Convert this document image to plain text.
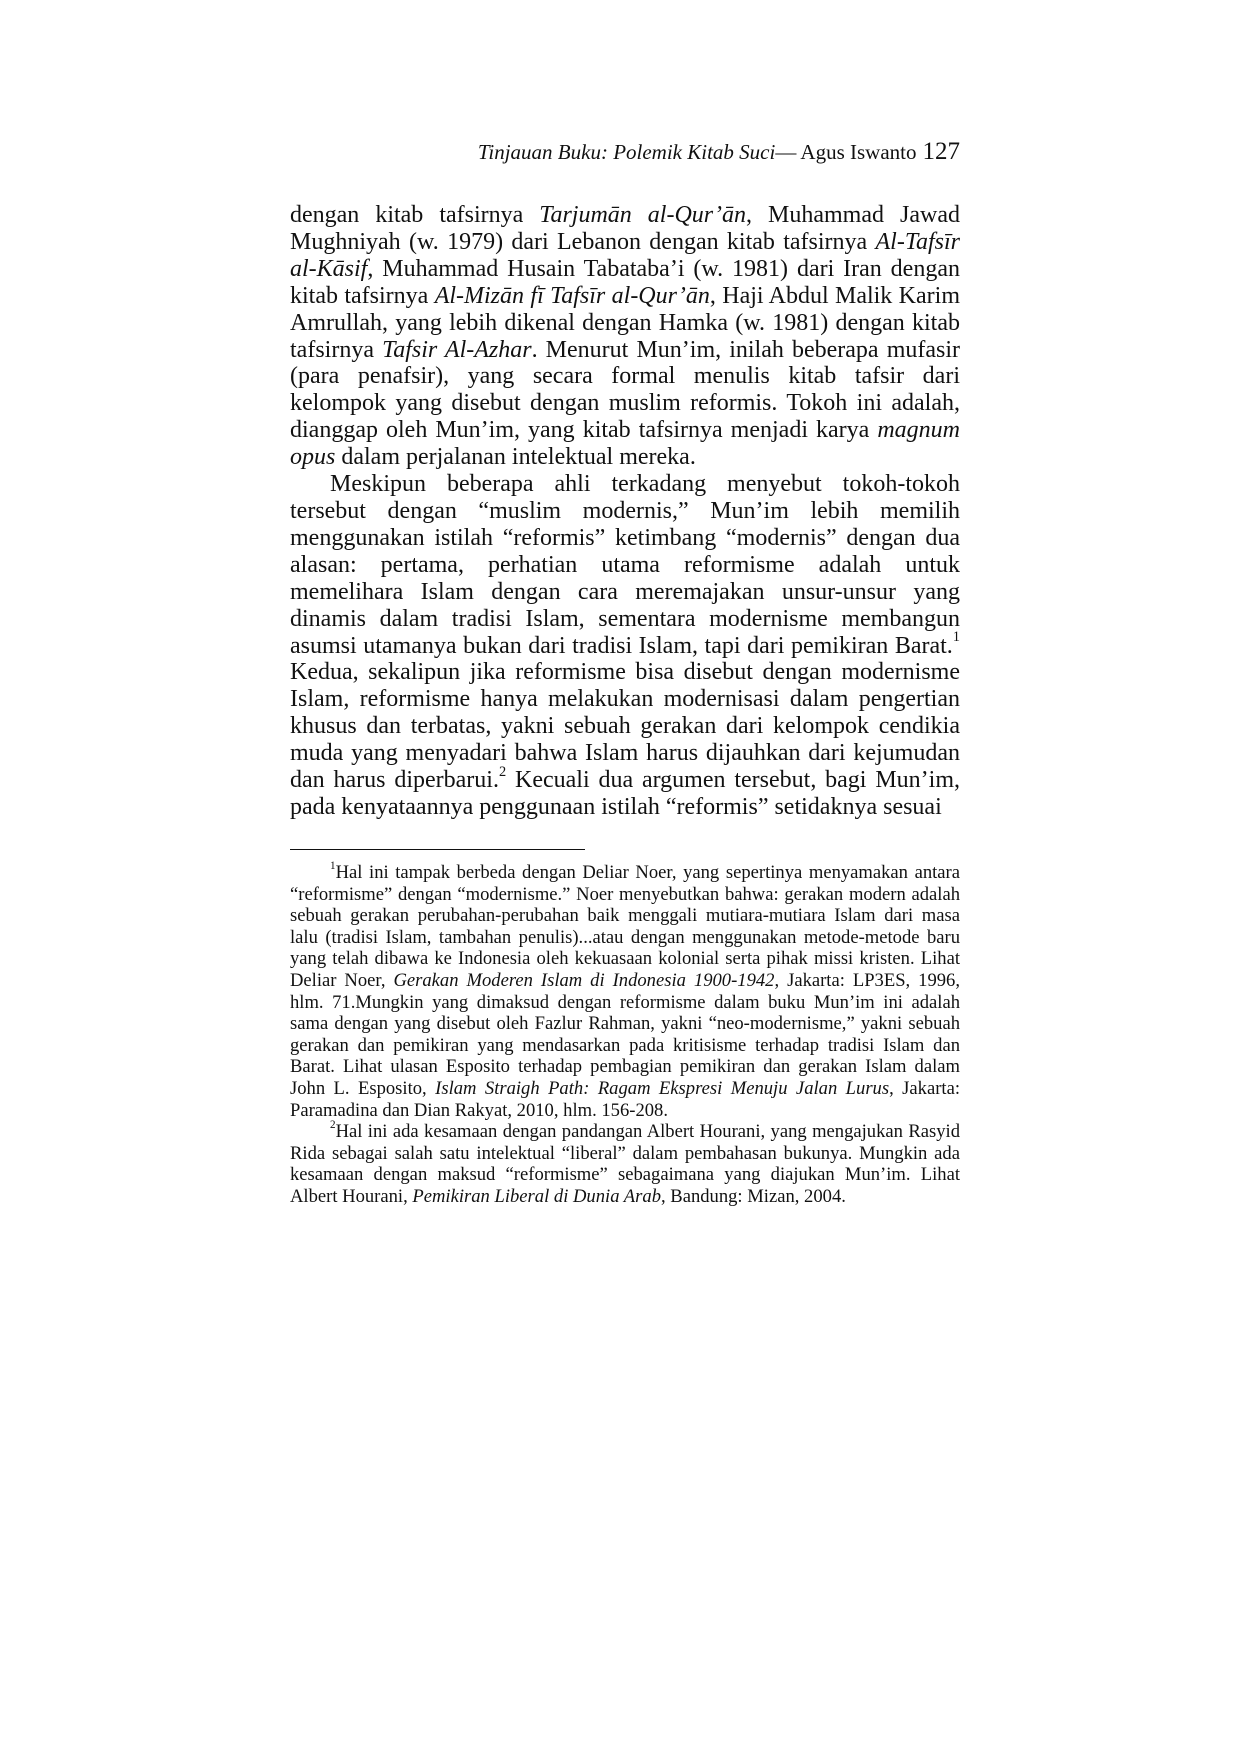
Tinjauan Buku: Polemik Kitab Suci— Agus Iswanto 127

dengan kitab tafsirnya Tarjumān al-Qur’ān, Muhammad Jawad Mughniyah (w. 1979) dari Lebanon dengan kitab tafsirnya Al-Tafsīr al-Kāsif, Muhammad Husain Tabataba’i (w. 1981) dari Iran dengan kitab tafsirnya Al-Mizān fī Tafsīr al-Qur’ān, Haji Abdul Malik Karim Amrullah, yang lebih dikenal dengan Hamka (w. 1981) dengan kitab tafsirnya Tafsir Al-Azhar. Menurut Mun’im, inilah beberapa mufasir (para penafsir), yang secara formal menulis kitab tafsir dari kelompok yang disebut dengan muslim reformis. Tokoh ini adalah, dianggap oleh Mun’im, yang kitab tafsirnya menjadi karya magnum opus dalam perjalanan intelektual mereka.

Meskipun beberapa ahli terkadang menyebut tokoh-tokoh tersebut dengan “muslim modernis,” Mun’im lebih memilih menggunakan istilah “reformis” ketimbang “modernis” dengan dua alasan: pertama, perhatian utama reformisme adalah untuk memelihara Islam dengan cara meremajakan unsur-unsur yang dinamis dalam tradisi Islam, sementara modernisme membangun asumsi utamanya bukan dari tradisi Islam, tapi dari pemikiran Barat.$^1$ Kedua, sekalipun jika reformisme bisa disebut dengan modernisme Islam, reformisme hanya melakukan modernisasi dalam pengertian khusus dan terbatas, yakni sebuah gerakan dari kelompok cendikia muda yang menyadari bahwa Islam harus dijauhkan dari kejumudan dan harus diperbarui.$^2$ Kecuali dua argumen tersebut, bagi Mun’im, pada kenyataannya penggunaan istilah “reformis” setidaknya sesuai

$^1$Hal ini tampak berbeda dengan Deliar Noer, yang sepertinya menyamakan antara “reformisme” dengan “modernisme.” Noer menyebutkan bahwa: gerakan modern adalah sebuah gerakan perubahan-perubahan baik menggali mutiara-mutiara Islam dari masa lalu (tradisi Islam, tambahan penulis)...atau dengan menggunakan metode-metode baru yang telah dibawa ke Indonesia oleh kekuasaan kolonial serta pihak missi kristen. Lihat Deliar Noer, Gerakan Moderen Islam di Indonesia 1900-1942, Jakarta: LP3ES, 1996, hlm. 71.Mungkin yang dimaksud dengan reformisme dalam buku Mun’im ini adalah sama dengan yang disebut oleh Fazlur Rahman, yakni “neo-modernisme,” yakni sebuah gerakan dan pemikiran yang mendasarkan pada kritisisme terhadap tradisi Islam dan Barat. Lihat ulasan Esposito terhadap pembagian pemikiran dan gerakan Islam dalam John L. Esposito, Islam Straigh Path: Ragam Ekspresi Menuju Jalan Lurus, Jakarta: Paramadina dan Dian Rakyat, 2010, hlm. 156-208.

$^2$Hal ini ada kesamaan dengan pandangan Albert Hourani, yang mengajukan Rasyid Rida sebagai salah satu intelektual “liberal” dalam pembahasan bukunya. Mungkin ada kesamaan dengan maksud “reformisme” sebagaimana yang diajukan Mun’im. Lihat Albert Hourani, Pemikiran Liberal di Dunia Arab, Bandung: Mizan, 2004.
